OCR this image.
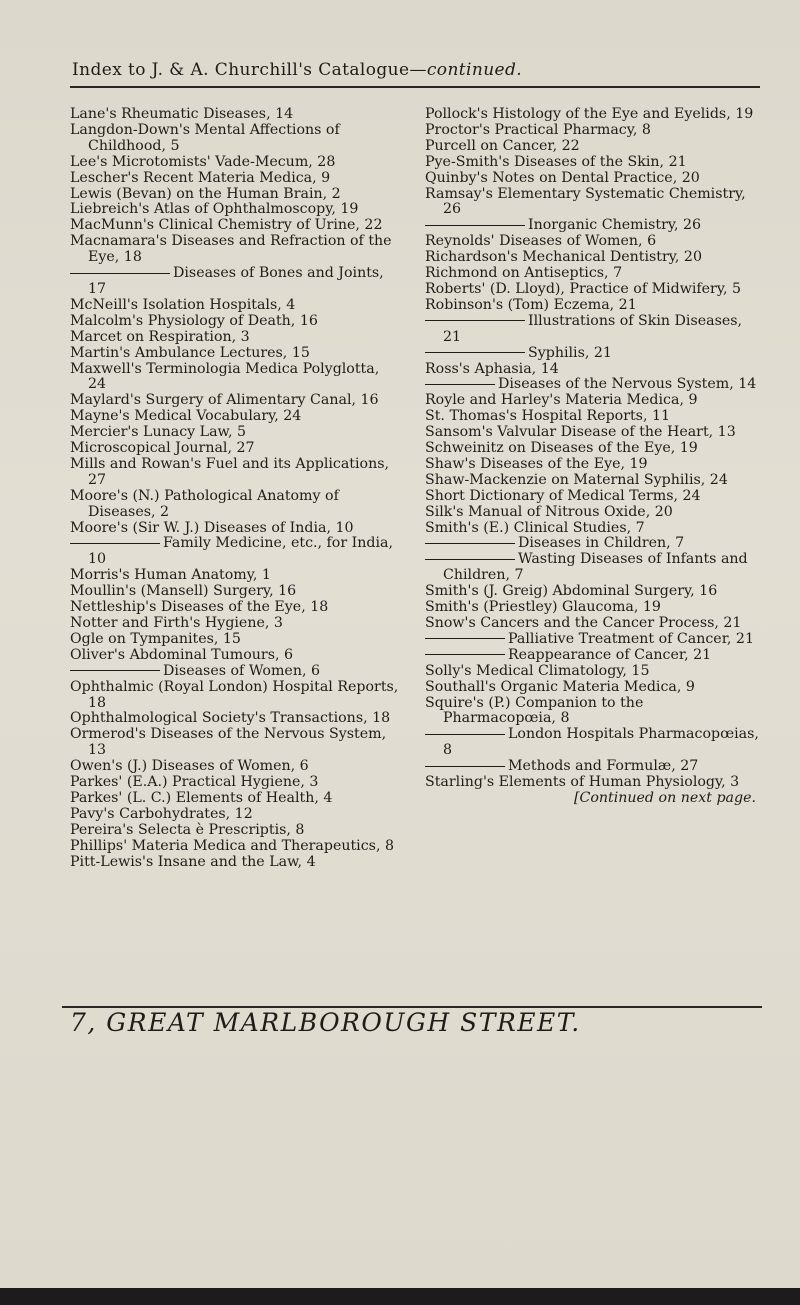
Index to J. & A. Churchill's Catalogue—continued.

Lane's Rheumatic Diseases, 14

Langdon-Down's Mental Affections of Childhood, 5

Lee's Microtomists' Vade-Mecum, 28

Lescher's Recent Materia Medica, 9

Lewis (Bevan) on the Human Brain, 2

Liebreich's Atlas of Ophthalmoscopy, 19

MacMunn's Clinical Chemistry of Urine, 22

Macnamara's Diseases and Refraction of the Eye, 18

Diseases of Bones and Joints, 17

McNeill's Isolation Hospitals, 4

Malcolm's Physiology of Death, 16

Marcet on Respiration, 3

Martin's Ambulance Lectures, 15

Maxwell's Terminologia Medica Polyglotta, 24

Maylard's Surgery of Alimentary Canal, 16

Mayne's Medical Vocabulary, 24

Mercier's Lunacy Law, 5

Microscopical Journal, 27

Mills and Rowan's Fuel and its Applications, 27

Moore's (N.) Pathological Anatomy of Diseases, 2

Moore's (Sir W. J.) Diseases of India, 10

Family Medicine, etc., for India, 10

Morris's Human Anatomy, 1

Moullin's (Mansell) Surgery, 16

Nettleship's Diseases of the Eye, 18

Notter and Firth's Hygiene, 3

Ogle on Tympanites, 15

Oliver's Abdominal Tumours, 6

Diseases of Women, 6

Ophthalmic (Royal London) Hospital Reports, 18

Ophthalmological Society's Transactions, 18

Ormerod's Diseases of the Nervous System, 13

Owen's (J.) Diseases of Women, 6

Parkes' (E.A.) Practical Hygiene, 3

Parkes' (L. C.) Elements of Health, 4

Pavy's Carbohydrates, 12

Pereira's Selecta è Prescriptis, 8

Phillips' Materia Medica and Therapeutics, 8

Pitt-Lewis's Insane and the Law, 4

Pollock's Histology of the Eye and Eyelids, 19

Proctor's Practical Pharmacy, 8

Purcell on Cancer, 22

Pye-Smith's Diseases of the Skin, 21

Quinby's Notes on Dental Practice, 20

Ramsay's Elementary Systematic Chemistry, 26

Inorganic Chemistry, 26

Reynolds' Diseases of Women, 6

Richardson's Mechanical Dentistry, 20

Richmond on Antiseptics, 7

Roberts' (D. Lloyd), Practice of Midwifery, 5

Robinson's (Tom) Eczema, 21

Illustrations of Skin Diseases, 21

Syphilis, 21

Ross's Aphasia, 14

Diseases of the Nervous System, 14

Royle and Harley's Materia Medica, 9

St. Thomas's Hospital Reports, 11

Sansom's Valvular Disease of the Heart, 13

Schweinitz on Diseases of the Eye, 19

Shaw's Diseases of the Eye, 19

Shaw-Mackenzie on Maternal Syphilis, 24

Short Dictionary of Medical Terms, 24

Silk's Manual of Nitrous Oxide, 20

Smith's (E.) Clinical Studies, 7

Diseases in Children, 7

Wasting Diseases of Infants and Children, 7

Smith's (J. Greig) Abdominal Surgery, 16

Smith's (Priestley) Glaucoma, 19

Snow's Cancers and the Cancer Process, 21

Palliative Treatment of Cancer, 21

Reappearance of Cancer, 21

Solly's Medical Climatology, 15

Southall's Organic Materia Medica, 9

Squire's (P.) Companion to the Pharmacopœia, 8

London Hospitals Pharmacopœias, 8

Methods and Formulæ, 27

Starling's Elements of Human Physiology, 3

[Continued on next page.

7, GREAT MARLBOROUGH STREET.
